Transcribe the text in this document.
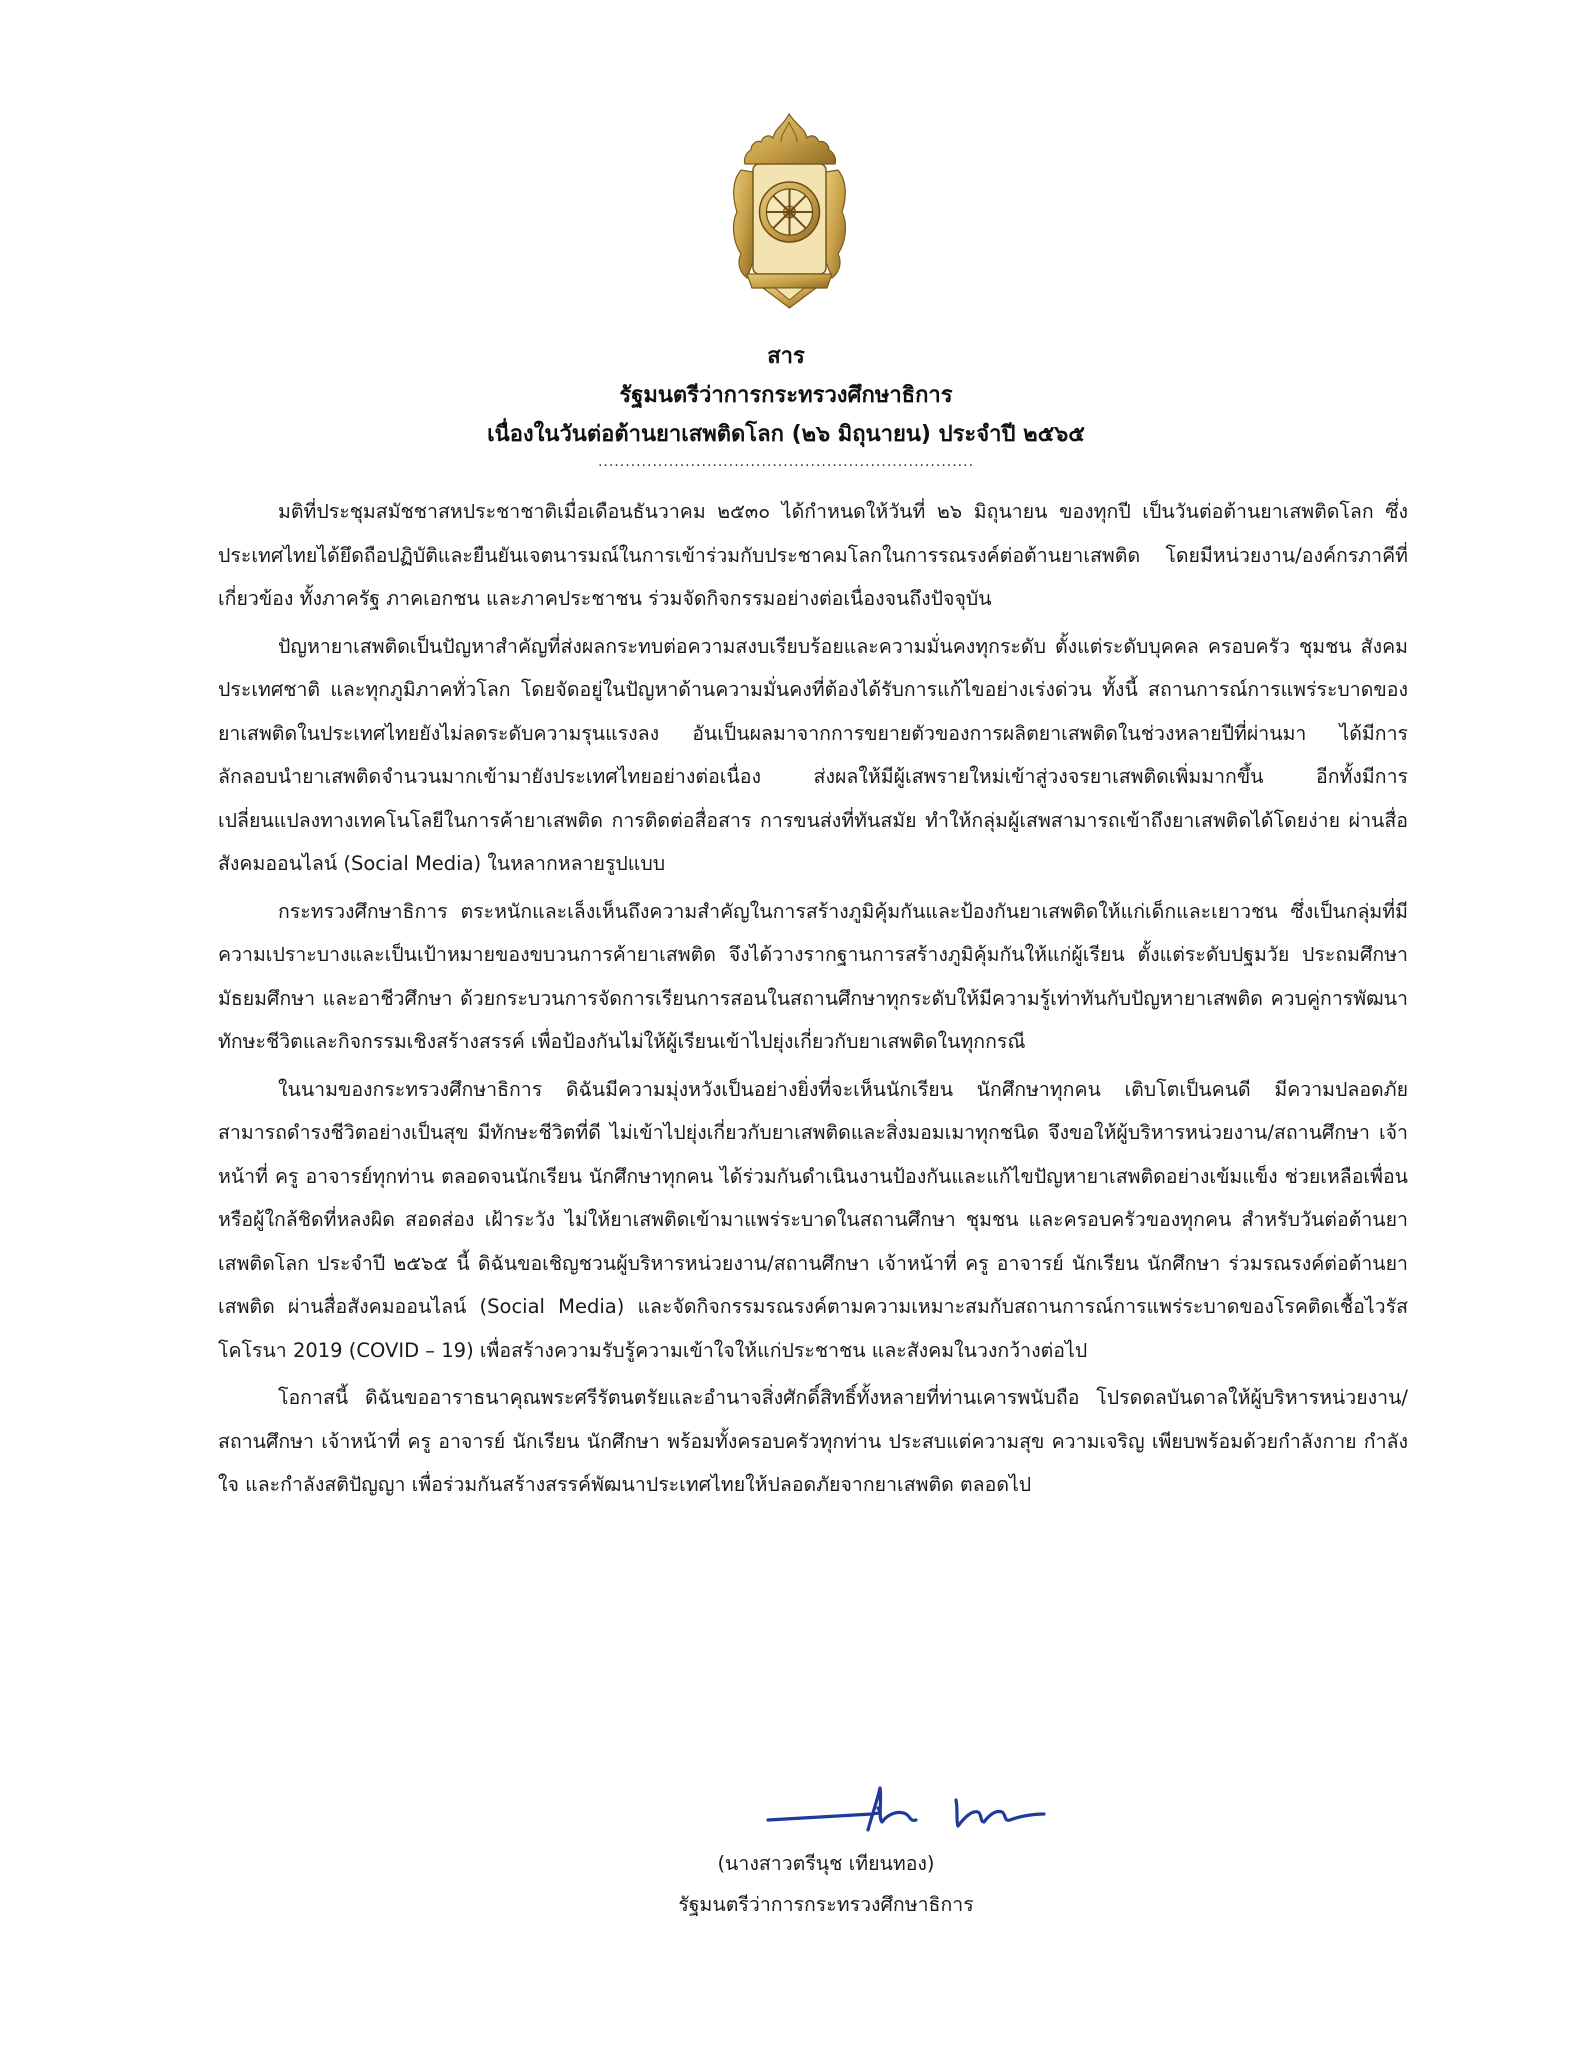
สาร
รัฐมนตรีว่าการกระทรวงศึกษาธิการ
เนื่องในวันต่อต้านยาเสพติดโลก (๒๖ มิถุนายน) ประจำปี ๒๕๖๕
.....................................................................

มติที่ประชุมสมัชชาสหประชาชาติเมื่อเดือนธันวาคม ๒๕๓๐ ได้กำหนดให้วันที่ ๒๖ มิถุนายน ของทุกปี เป็นวันต่อต้านยาเสพติดโลก ซึ่งประเทศไทยได้ยึดถือปฏิบัติและยืนยันเจตนารมณ์ในการเข้าร่วมกับประชาคมโลกในการรณรงค์ต่อต้านยาเสพติด โดยมีหน่วยงาน/องค์กรภาคีที่เกี่ยวข้อง ทั้งภาครัฐ ภาคเอกชน และภาคประชาชน ร่วมจัดกิจกรรมอย่างต่อเนื่องจนถึงปัจจุบัน

ปัญหายาเสพติดเป็นปัญหาสำคัญที่ส่งผลกระทบต่อความสงบเรียบร้อยและความมั่นคงทุกระดับ ตั้งแต่ระดับบุคคล ครอบครัว ชุมชน สังคม ประเทศชาติ และทุกภูมิภาคทั่วโลก โดยจัดอยู่ในปัญหาด้านความมั่นคงที่ต้องได้รับการแก้ไขอย่างเร่งด่วน ทั้งนี้ สถานการณ์การแพร่ระบาดของยาเสพติดในประเทศไทยยังไม่ลดระดับความรุนแรงลง อันเป็นผลมาจากการขยายตัวของการผลิตยาเสพติดในช่วงหลายปีที่ผ่านมา ได้มีการลักลอบนำยาเสพติดจำนวนมากเข้ามายังประเทศไทยอย่างต่อเนื่อง ส่งผลให้มีผู้เสพรายใหม่เข้าสู่วงจรยาเสพติดเพิ่มมากขึ้น อีกทั้งมีการเปลี่ยนแปลงทางเทคโนโลยีในการค้ายาเสพติด การติดต่อสื่อสาร การขนส่งที่ทันสมัย ทำให้กลุ่มผู้เสพสามารถเข้าถึงยาเสพติดได้โดยง่าย ผ่านสื่อสังคมออนไลน์ (Social Media) ในหลากหลายรูปแบบ

กระทรวงศึกษาธิการ ตระหนักและเล็งเห็นถึงความสำคัญในการสร้างภูมิคุ้มกันและป้องกันยาเสพติดให้แก่เด็กและเยาวชน ซึ่งเป็นกลุ่มที่มีความเปราะบางและเป็นเป้าหมายของขบวนการค้ายาเสพติด จึงได้วางรากฐานการสร้างภูมิคุ้มกันให้แก่ผู้เรียน ตั้งแต่ระดับปฐมวัย ประถมศึกษา มัธยมศึกษา และอาชีวศึกษา ด้วยกระบวนการจัดการเรียนการสอนในสถานศึกษาทุกระดับให้มีความรู้เท่าทันกับปัญหายาเสพติด ควบคู่การพัฒนาทักษะชีวิตและกิจกรรมเชิงสร้างสรรค์ เพื่อป้องกันไม่ให้ผู้เรียนเข้าไปยุ่งเกี่ยวกับยาเสพติดในทุกกรณี

ในนามของกระทรวงศึกษาธิการ ดิฉันมีความมุ่งหวังเป็นอย่างยิ่งที่จะเห็นนักเรียน นักศึกษาทุกคน เติบโตเป็นคนดี มีความปลอดภัย สามารถดำรงชีวิตอย่างเป็นสุข มีทักษะชีวิตที่ดี ไม่เข้าไปยุ่งเกี่ยวกับยาเสพติดและสิ่งมอมเมาทุกชนิด จึงขอให้ผู้บริหารหน่วยงาน/สถานศึกษา เจ้าหน้าที่ ครู อาจารย์ทุกท่าน ตลอดจนนักเรียน นักศึกษาทุกคน ได้ร่วมกันดำเนินงานป้องกันและแก้ไขปัญหายาเสพติดอย่างเข้มแข็ง ช่วยเหลือเพื่อนหรือผู้ใกล้ชิดที่หลงผิด สอดส่อง เฝ้าระวัง ไม่ให้ยาเสพติดเข้ามาแพร่ระบาดในสถานศึกษา ชุมชน และครอบครัวของทุกคน สำหรับวันต่อต้านยาเสพติดโลก ประจำปี ๒๕๖๕ นี้ ดิฉันขอเชิญชวนผู้บริหารหน่วยงาน/สถานศึกษา เจ้าหน้าที่ ครู อาจารย์ นักเรียน นักศึกษา ร่วมรณรงค์ต่อต้านยาเสพติด ผ่านสื่อสังคมออนไลน์ (Social Media) และจัดกิจกรรมรณรงค์ตามความเหมาะสมกับสถานการณ์การแพร่ระบาดของโรคติดเชื้อไวรัสโคโรนา 2019 (COVID – 19) เพื่อสร้างความรับรู้ความเข้าใจให้แก่ประชาชน และสังคมในวงกว้างต่อไป

โอกาสนี้ ดิฉันขออาราธนาคุณพระศรีรัตนตรัยและอำนาจสิ่งศักดิ์สิทธิ์ทั้งหลายที่ท่านเคารพนับถือ โปรดดลบันดาลให้ผู้บริหารหน่วยงาน/สถานศึกษา เจ้าหน้าที่ ครู อาจารย์ นักเรียน นักศึกษา พร้อมทั้งครอบครัวทุกท่าน ประสบแต่ความสุข ความเจริญ เพียบพร้อมด้วยกำลังกาย กำลังใจ และกำลังสติปัญญา เพื่อร่วมกันสร้างสรรค์พัฒนาประเทศไทยให้ปลอดภัยจากยาเสพติด ตลอดไป

(นางสาวตรีนุช เทียนทอง)
รัฐมนตรีว่าการกระทรวงศึกษาธิการ
